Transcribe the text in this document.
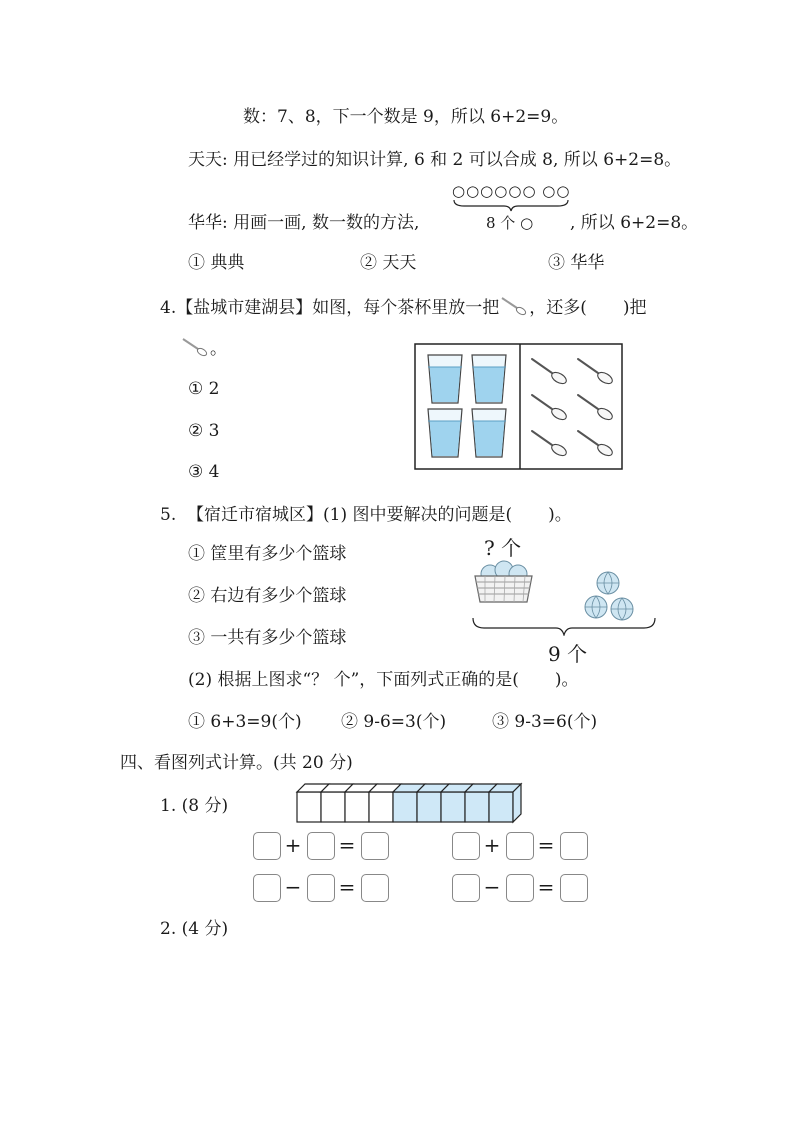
数：7、8，下一个数是 9，所以 6+2=9。
天天: 用已经学过的知识计算, 6 和 2 可以合成 8, 所以 6+2=8。
华华: 用画一画, 数一数的方法,
○○○○○○ ○○
8 个 ○ , 所以 6+2=8。
① 典典	② 天天	③ 华华
4.【盐城市建湖县】如图，每个茶杯里放一把 ，还多( )把
。
① 2
② 3
③ 4
5. 【宿迁市宿城区】(1) 图中要解决的问题是( )。
① 筐里有多少个篮球
② 右边有多少个篮球
③ 一共有多少个篮球
? 个
9 个
(2) 根据上图求“？ 个”，下面列式正确的是( )。
① 6+3=9(个) ② 9-6=3(个)	③ 9-3=6(个)
四、看图列式计算。(共 20 分)
1. (8 分)
+ =	+ =
− =	− =
2. (4 分)
